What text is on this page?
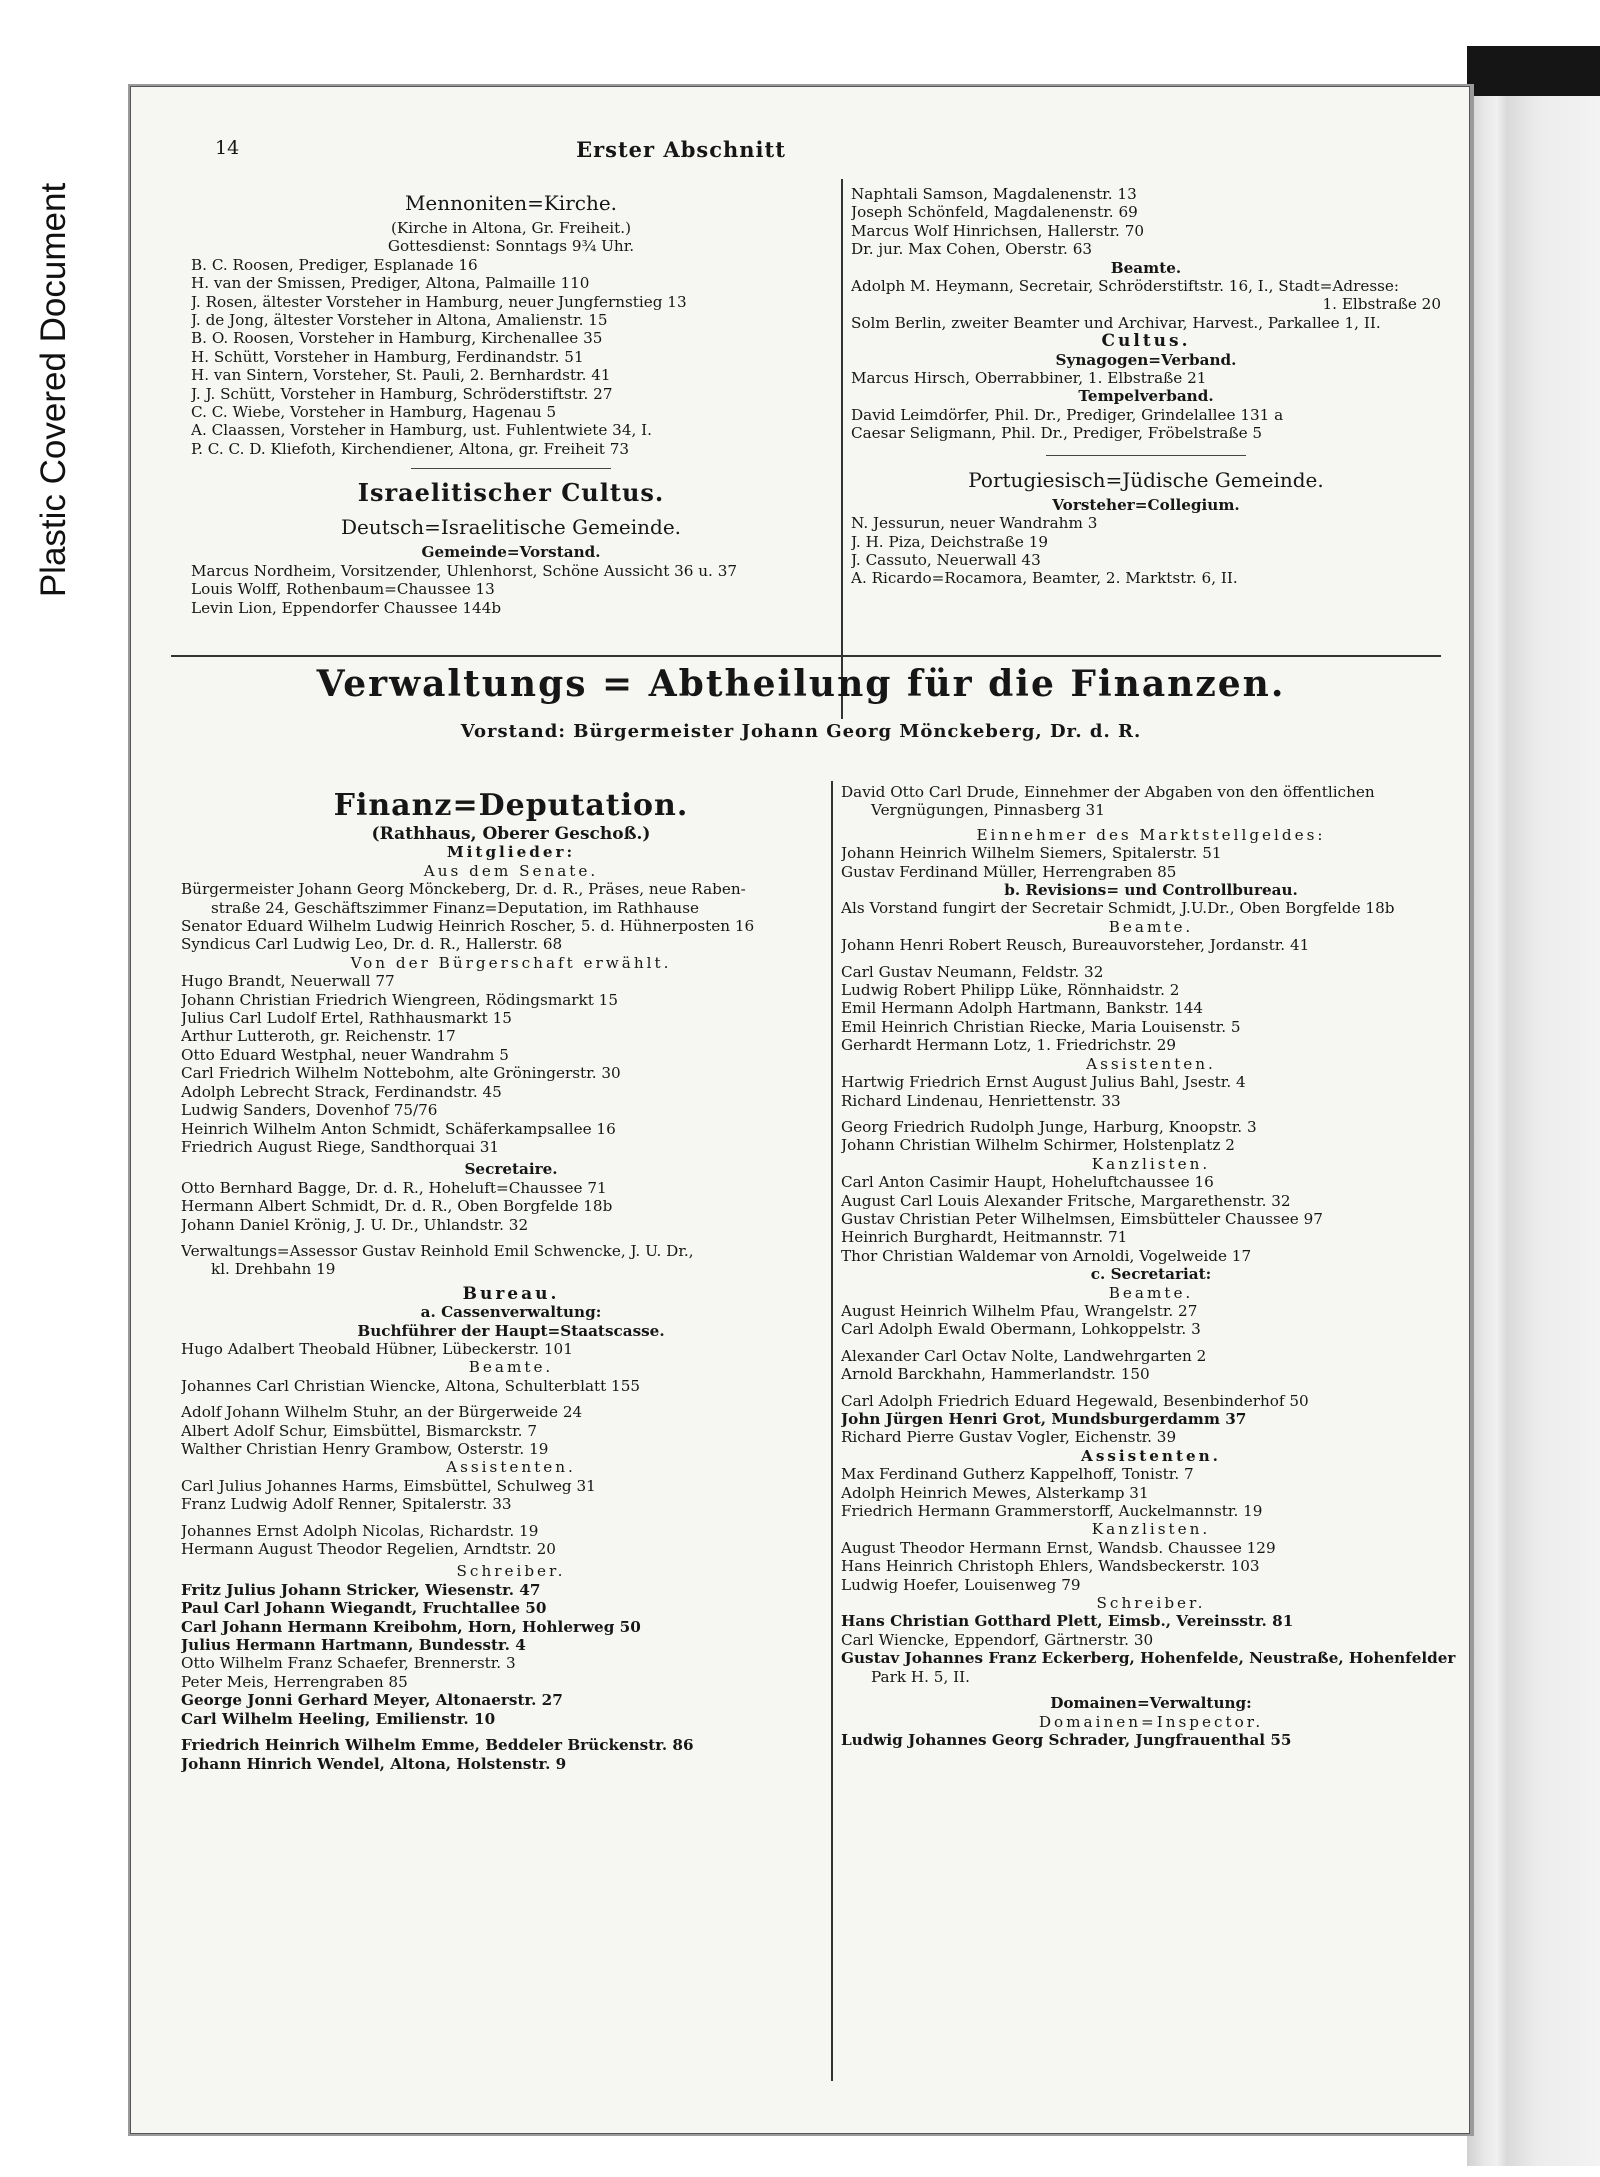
Plastic Covered Document
14	Erster Abschnitt
Mennoniten=Kirche.
(Kirche in Altona, Gr. Freiheit.)
Gottesdienst: Sonntags 9¾ Uhr.
B. C. Roosen, Prediger, Esplanade 16
H. van der Smissen, Prediger, Altona, Palmaille 110
J. Rosen, ältester Vorsteher in Hamburg, neuer Jungfernstieg 13
J. de Jong, ältester Vorsteher in Altona, Amalienstr. 15
B. O. Roosen, Vorsteher in Hamburg, Kirchenallee 35
H. Schütt, Vorsteher in Hamburg, Ferdinandstr. 51
H. van Sintern, Vorsteher, St. Pauli, 2. Bernhardstr. 41
J. J. Schütt, Vorsteher in Hamburg, Schröderstiftstr. 27
C. C. Wiebe, Vorsteher in Hamburg, Hagenau 5
A. Claassen, Vorsteher in Hamburg, ust. Fuhlentwiete 34, I.
P. C. C. D. Kliefoth, Kirchendiener, Altona, gr. Freiheit 73
Israelitischer Cultus.
Deutsch=Israelitische Gemeinde.
Gemeinde=Vorstand.
Marcus Nordheim, Vorsitzender, Uhlenhorst, Schöne Aussicht 36 u. 37
Louis Wolff, Rothenbaum=Chaussee 13
Levin Lion, Eppendorfer Chaussee 144b
Naphtali Samson, Magdalenenstr. 13
Joseph Schönfeld, Magdalenenstr. 69
Marcus Wolf Hinrichsen, Hallerstr. 70
Dr. jur. Max Cohen, Oberstr. 63
Beamte.
Adolph M. Heymann, Secretair, Schröderstiftstr. 16, I., Stadt=Adresse:
1. Elbstraße 20
Solm Berlin, zweiter Beamter und Archivar, Harvest., Parkallee 1, II.
Cultus.
Synagogen=Verband.
Marcus Hirsch, Oberrabbiner, 1. Elbstraße 21
Tempelverband.
David Leimdörfer, Phil. Dr., Prediger, Grindelallee 131 a
Caesar Seligmann, Phil. Dr., Prediger, Fröbelstraße 5
Portugiesisch=Jüdische Gemeinde.
Vorsteher=Collegium.
N. Jessurun, neuer Wandrahm 3
J. H. Piza, Deichstraße 19
J. Cassuto, Neuerwall 43
A. Ricardo=Rocamora, Beamter, 2. Marktstr. 6, II.
Verwaltungs = Abtheilung für die Finanzen.
Vorstand: Bürgermeister Johann Georg Mönckeberg, Dr. d. R.
Finanz=Deputation.
(Rathhaus, Oberer Geschoß.)
Mitglieder:
Aus dem Senate.
Bürgermeister Johann Georg Mönckeberg, Dr. d. R., Präses, neue Raben-
straße 24, Geschäftszimmer Finanz=Deputation, im Rathhause
Senator Eduard Wilhelm Ludwig Heinrich Roscher, 5. d. Hühnerposten 16
Syndicus Carl Ludwig Leo, Dr. d. R., Hallerstr. 68
Von der Bürgerschaft erwählt.
Hugo Brandt, Neuerwall 77
Johann Christian Friedrich Wiengreen, Rödingsmarkt 15
Julius Carl Ludolf Ertel, Rathhausmarkt 15
Arthur Lutteroth, gr. Reichenstr. 17
Otto Eduard Westphal, neuer Wandrahm 5
Carl Friedrich Wilhelm Nottebohm, alte Gröningerstr. 30
Adolph Lebrecht Strack, Ferdinandstr. 45
Ludwig Sanders, Dovenhof 75/76
Heinrich Wilhelm Anton Schmidt, Schäferkampsallee 16
Friedrich August Riege, Sandthorquai 31
Secretaire.
Otto Bernhard Bagge, Dr. d. R., Hoheluft=Chaussee 71
Hermann Albert Schmidt, Dr. d. R., Oben Borgfelde 18b
Johann Daniel Krönig, J. U. Dr., Uhlandstr. 32
Verwaltungs=Assessor Gustav Reinhold Emil Schwencke, J. U. Dr.,
kl. Drehbahn 19
Bureau.
a. Cassenverwaltung:
Buchführer der Haupt=Staatscasse.
Hugo Adalbert Theobald Hübner, Lübeckerstr. 101
Beamte.
Johannes Carl Christian Wiencke, Altona, Schulterblatt 155
Adolf Johann Wilhelm Stuhr, an der Bürgerweide 24
Albert Adolf Schur, Eimsbüttel, Bismarckstr. 7
Walther Christian Henry Grambow, Osterstr. 19
Assistenten.
Carl Julius Johannes Harms, Eimsbüttel, Schulweg 31
Franz Ludwig Adolf Renner, Spitalerstr. 33
Johannes Ernst Adolph Nicolas, Richardstr. 19
Hermann August Theodor Regelien, Arndtstr. 20
Schreiber.
Fritz Julius Johann Stricker, Wiesenstr. 47
Paul Carl Johann Wiegandt, Fruchtallee 50
Carl Johann Hermann Kreibohm, Horn, Hohlerweg 50
Julius Hermann Hartmann, Bundesstr. 4
Otto Wilhelm Franz Schaefer, Brennerstr. 3
Peter Meis, Herrengraben 85
George Jonni Gerhard Meyer, Altonaerstr. 27
Carl Wilhelm Heeling, Emilienstr. 10
Friedrich Heinrich Wilhelm Emme, Beddeler Brückenstr. 86
Johann Hinrich Wendel, Altona, Holstenstr. 9
David Otto Carl Drude, Einnehmer der Abgaben von den öffentlichen
Vergnügungen, Pinnasberg 31
Einnehmer des Marktstellgeldes:
Johann Heinrich Wilhelm Siemers, Spitalerstr. 51
Gustav Ferdinand Müller, Herrengraben 85
b. Revisions= und Controllbureau.
Als Vorstand fungirt der Secretair Schmidt, J.U.Dr., Oben Borgfelde 18b
Beamte.
Johann Henri Robert Reusch, Bureauvorsteher, Jordanstr. 41
Carl Gustav Neumann, Feldstr. 32
Ludwig Robert Philipp Lüke, Rönnhaidstr. 2
Emil Hermann Adolph Hartmann, Bankstr. 144
Emil Heinrich Christian Riecke, Maria Louisenstr. 5
Gerhardt Hermann Lotz, 1. Friedrichstr. 29
Assistenten.
Hartwig Friedrich Ernst August Julius Bahl, Jsestr. 4
Richard Lindenau, Henriettenstr. 33
Georg Friedrich Rudolph Junge, Harburg, Knoopstr. 3
Johann Christian Wilhelm Schirmer, Holstenplatz 2
Kanzlisten.
Carl Anton Casimir Haupt, Hoheluftchaussee 16
August Carl Louis Alexander Fritsche, Margarethenstr. 32
Gustav Christian Peter Wilhelmsen, Eimsbütteler Chaussee 97
Heinrich Burghardt, Heitmannstr. 71
Thor Christian Waldemar von Arnoldi, Vogelweide 17
c. Secretariat:
Beamte.
August Heinrich Wilhelm Pfau, Wrangelstr. 27
Carl Adolph Ewald Obermann, Lohkoppelstr. 3
Alexander Carl Octav Nolte, Landwehrgarten 2
Arnold Barckhahn, Hammerlandstr. 150
Carl Adolph Friedrich Eduard Hegewald, Besenbinderhof 50
John Jürgen Henri Grot, Mundsburgerdamm 37
Richard Pierre Gustav Vogler, Eichenstr. 39
Assistenten.
Max Ferdinand Gutherz Kappelhoff, Tonistr. 7
Adolph Heinrich Mewes, Alsterkamp 31
Friedrich Hermann Grammerstorff, Auckelmannstr. 19
Kanzlisten.
August Theodor Hermann Ernst, Wandsb. Chaussee 129
Hans Heinrich Christoph Ehlers, Wandsbeckerstr. 103
Ludwig Hoefer, Louisenweg 79
Schreiber.
Hans Christian Gotthard Plett, Eimsb., Vereinsstr. 81
Carl Wiencke, Eppendorf, Gärtnerstr. 30
Gustav Johannes Franz Eckerberg, Hohenfelde, Neustraße, Hohenfelder
Park H. 5, II.
Domainen=Verwaltung:
Domainen=Inspector.
Ludwig Johannes Georg Schrader, Jungfrauenthal 55
